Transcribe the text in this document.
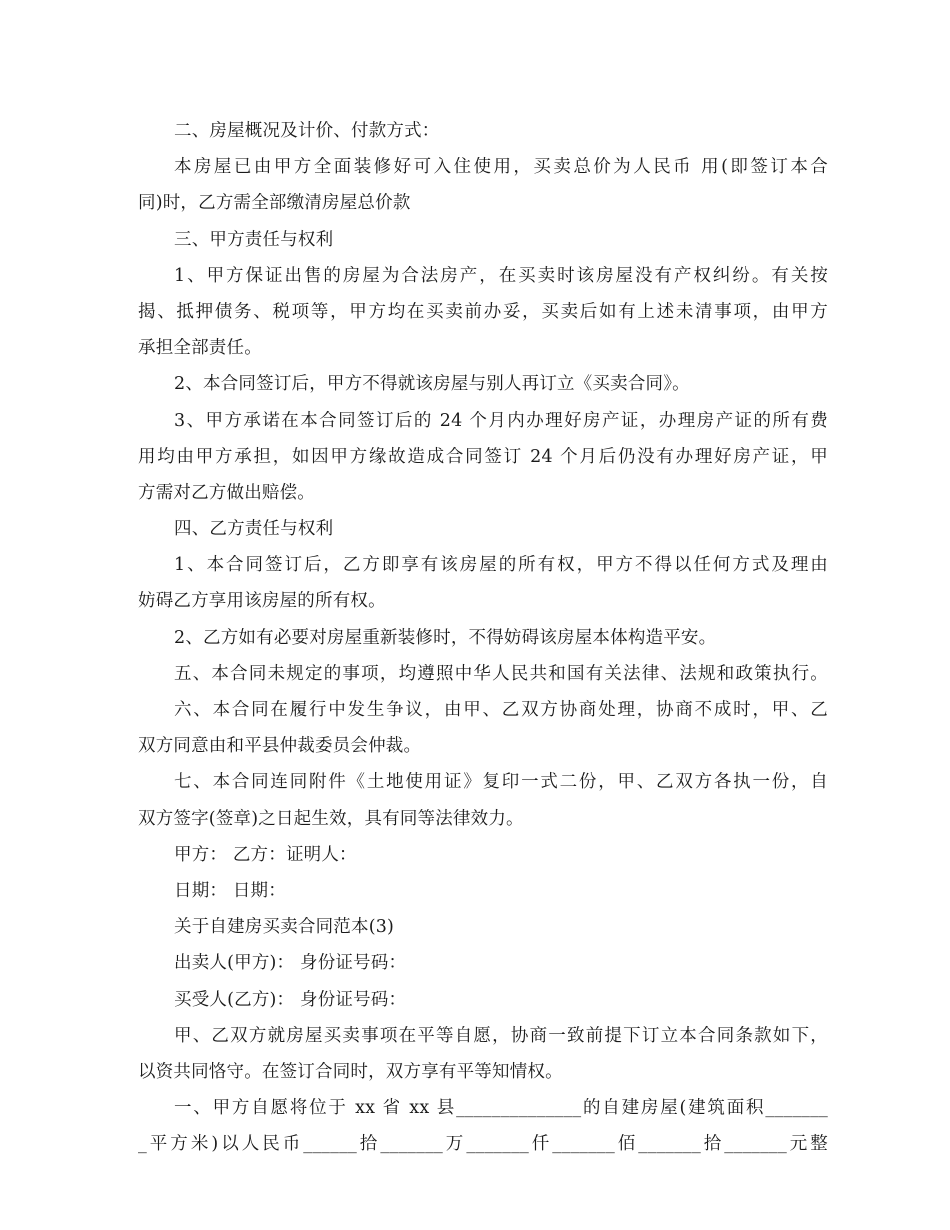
二、房屋概况及计价、付款方式：
本房屋已由甲方全面装修好可入住使用，买卖总价为人民币 用(即签订本合
同)时，乙方需全部缴清房屋总价款
三、甲方责任与权利
1、甲方保证出售的房屋为合法房产，在买卖时该房屋没有产权纠纷。有关按
揭、抵押债务、税项等，甲方均在买卖前办妥，买卖后如有上述未清事项，由甲方
承担全部责任。
2、本合同签订后，甲方不得就该房屋与别人再订立《买卖合同》。
3、甲方承诺在本合同签订后的 24 个月内办理好房产证，办理房产证的所有费
用均由甲方承担，如因甲方缘故造成合同签订 24 个月后仍没有办理好房产证，甲
方需对乙方做出赔偿。
四、乙方责任与权利
1、本合同签订后，乙方即享有该房屋的所有权，甲方不得以任何方式及理由
妨碍乙方享用该房屋的所有权。
2、乙方如有必要对房屋重新装修时，不得妨碍该房屋本体构造平安。
五、本合同未规定的事项，均遵照中华人民共和国有关法律、法规和政策执行。
六、本合同在履行中发生争议，由甲、乙双方协商处理，协商不成时，甲、乙
双方同意由和平县仲裁委员会仲裁。
七、本合同连同附件《土地使用证》复印一式二份，甲、乙双方各执一份，自
双方签字(签章)之日起生效，具有同等法律效力。
甲方： 乙方：证明人：
日期： 日期：
关于自建房买卖合同范本(3)
出卖人(甲方)： 身份证号码：
买受人(乙方)： 身份证号码：
甲、乙双方就房屋买卖事项在平等自愿，协商一致前提下订立本合同条款如下，
以资共同恪守。在签订合同时，双方享有平等知情权。
一、甲方自愿将位于 xx 省 xx 县______________的自建房屋(建筑面积_______
_平方米)以人民币______拾_______万_______仟_______佰_______拾_______元整
